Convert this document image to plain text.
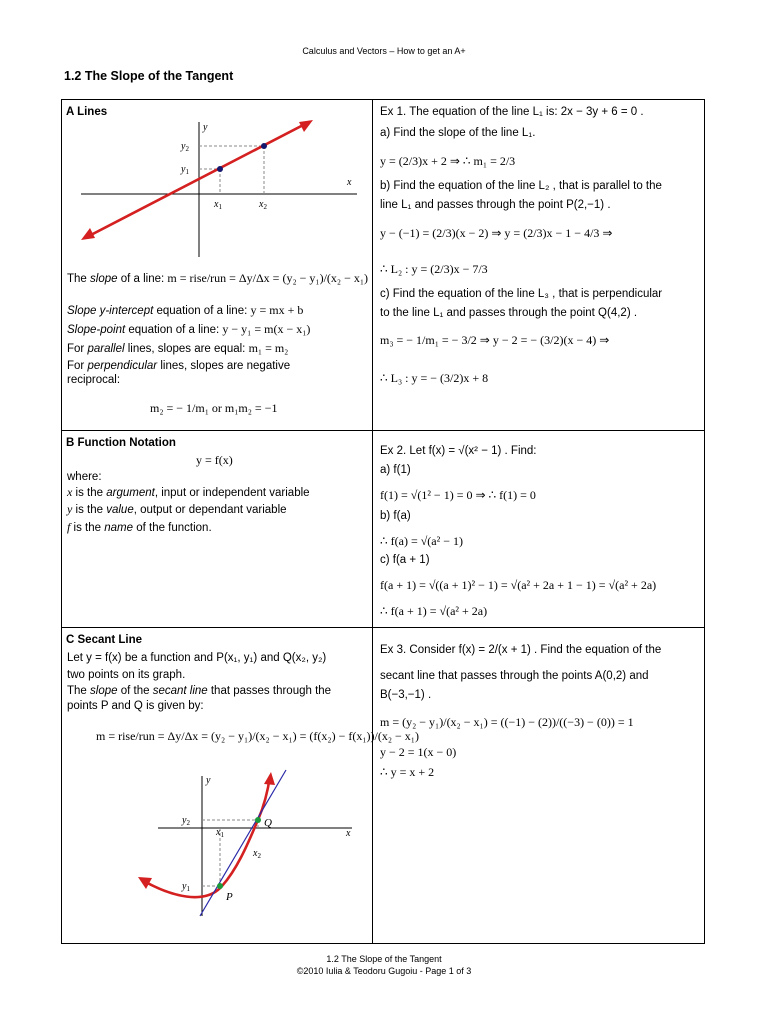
Calculus and Vectors – How to get an A+
1.2 The Slope of the Tangent
A Lines
y
x
$y_2$
$y_1$
$x_1$	$x_2$
The slope of a line: m = rise/run = Δy/Δx = (y₂ − y₁)/(x₂ − x₁)
Slope y-intercept equation of a line: y = mx + b
Slope-point equation of a line: y − y₁ = m(x − x₁)
For parallel lines, slopes are equal: m₁ = m₂
For perpendicular lines, slopes are negative
reciprocal:
m₂ = − 1/m₁ or m₁m₂ = −1
Ex 1. The equation of the line L₁ is: 2x − 3y + 6 = 0 .
a) Find the slope of the line L₁.
y = (2/3)x + 2 ⇒ ∴ m₁ = 2/3
b) Find the equation of the line L₂ , that is parallel to the
line L₁ and passes through the point P(2,−1) .
y − (−1) = (2/3)(x − 2) ⇒ y = (2/3)x − 1 − 4/3 ⇒
∴ L₂ : y = (2/3)x − 7/3
c) Find the equation of the line L₃ , that is perpendicular
to the line L₁ and passes through the point Q(4,2) .
m₃ = − 1/m₁ = − 3/2 ⇒ y − 2 = − (3/2)(x − 4) ⇒
∴ L₃ : y = − (3/2)x + 8
B Function Notation
y = f(x)
where:
x is the argument, input or independent variable
y is the value, output or dependant variable
f is the name of the function.
Ex 2. Let f(x) = √(x² − 1) . Find:
a) f(1)
f(1) = √(1² − 1) = 0 ⇒ ∴ f(1) = 0
b) f(a)
∴ f(a) = √(a² − 1)
c) f(a + 1)
f(a + 1) = √((a + 1)² − 1) = √(a² + 2a + 1 − 1) = √(a² + 2a)
∴ f(a + 1) = √(a² + 2a)
C Secant Line
Let y = f(x) be a function and P(x₁, y₁) and Q(x₂, y₂)
two points on its graph.
The slope of the secant line that passes through the
points P and Q is given by:
m = rise/run = Δy/Δx = (y₂ − y₁)/(x₂ − x₁) = (f(x₂) − f(x₁))/(x₂ − x₁)
y
x
$y_2$
$y_1$
$x_1$
$x_2$
Q
P
Ex 3. Consider f(x) = 2/(x + 1) . Find the equation of the
secant line that passes through the points A(0,2) and
B(−3,−1) .
m = (y₂ − y₁)/(x₂ − x₁) = ((−1) − (2))/((−3) − (0)) = 1
y − 2 = 1(x − 0)
∴ y = x + 2
1.2 The Slope of the Tangent
©2010 Iulia & Teodoru Gugoiu - Page 1 of 3
